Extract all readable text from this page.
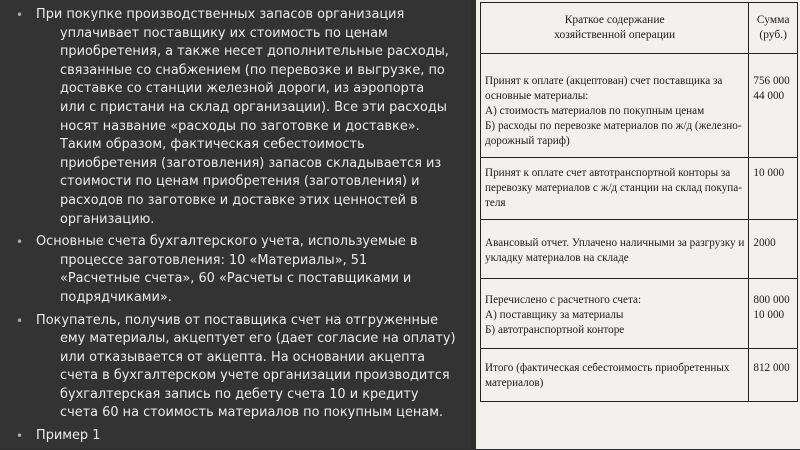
• При покупке производственных запасов организация
уплачивает поставщику их стоимость по ценам
приобретения, а также несет дополнительные расходы,
связанные со снабжением (по перевозке и выгрузке, по
доставке со станции железной дороги, из аэропорта
или с пристани на склад организации). Все эти расходы
носят название «расходы по заготовке и доставке».
Таким образом, фактическая себестоимость
приобретения (заготовления) запасов складывается из
стоимости по ценам приобретения (заготовления) и
расходов по заготовке и доставке этих ценностей в
организацию.
• Основные счета бухгалтерского учета, используемые в
процессе заготовления: 10 «Материалы», 51
«Расчетные счета», 60 «Расчеты с поставщиками и
подрядчиками».
• Покупатель, получив от поставщика счет на отгруженные
ему материалы, акцептует его (дает согласие на оплату)
или отказывается от акцепта. На основании акцепта
счета в бухгалтерском учете организации производится
бухгалтерская запись по дебету счета 10 и кредиту
счета 60 на стоимость материалов по покупным ценам.
• Пример 1
Краткое содержание
хозяйственной операции	Сумма
(руб.)

Принят к оплате (акцептован) счет поставщика за
основные материалы:
А) стоимость материалов по покупным ценам
Б) расходы по перевозке материалов по ж/д (железно-
дорожный тариф)	756 000
44 000

Принят к оплате счет автотранспортной конторы за
перевозку материалов с ж/д станции на склад покупа-
теля	10 000

Авансовый отчет. Уплачено наличными за разгрузку и
укладку материалов на складе	2000

Перечислено с расчетного счета:
А) поставщику за материалы
Б) автотранспортной конторе	800 000
10 000

Итого (фактическая себестоимость приобретенных
материалов)	812 000
